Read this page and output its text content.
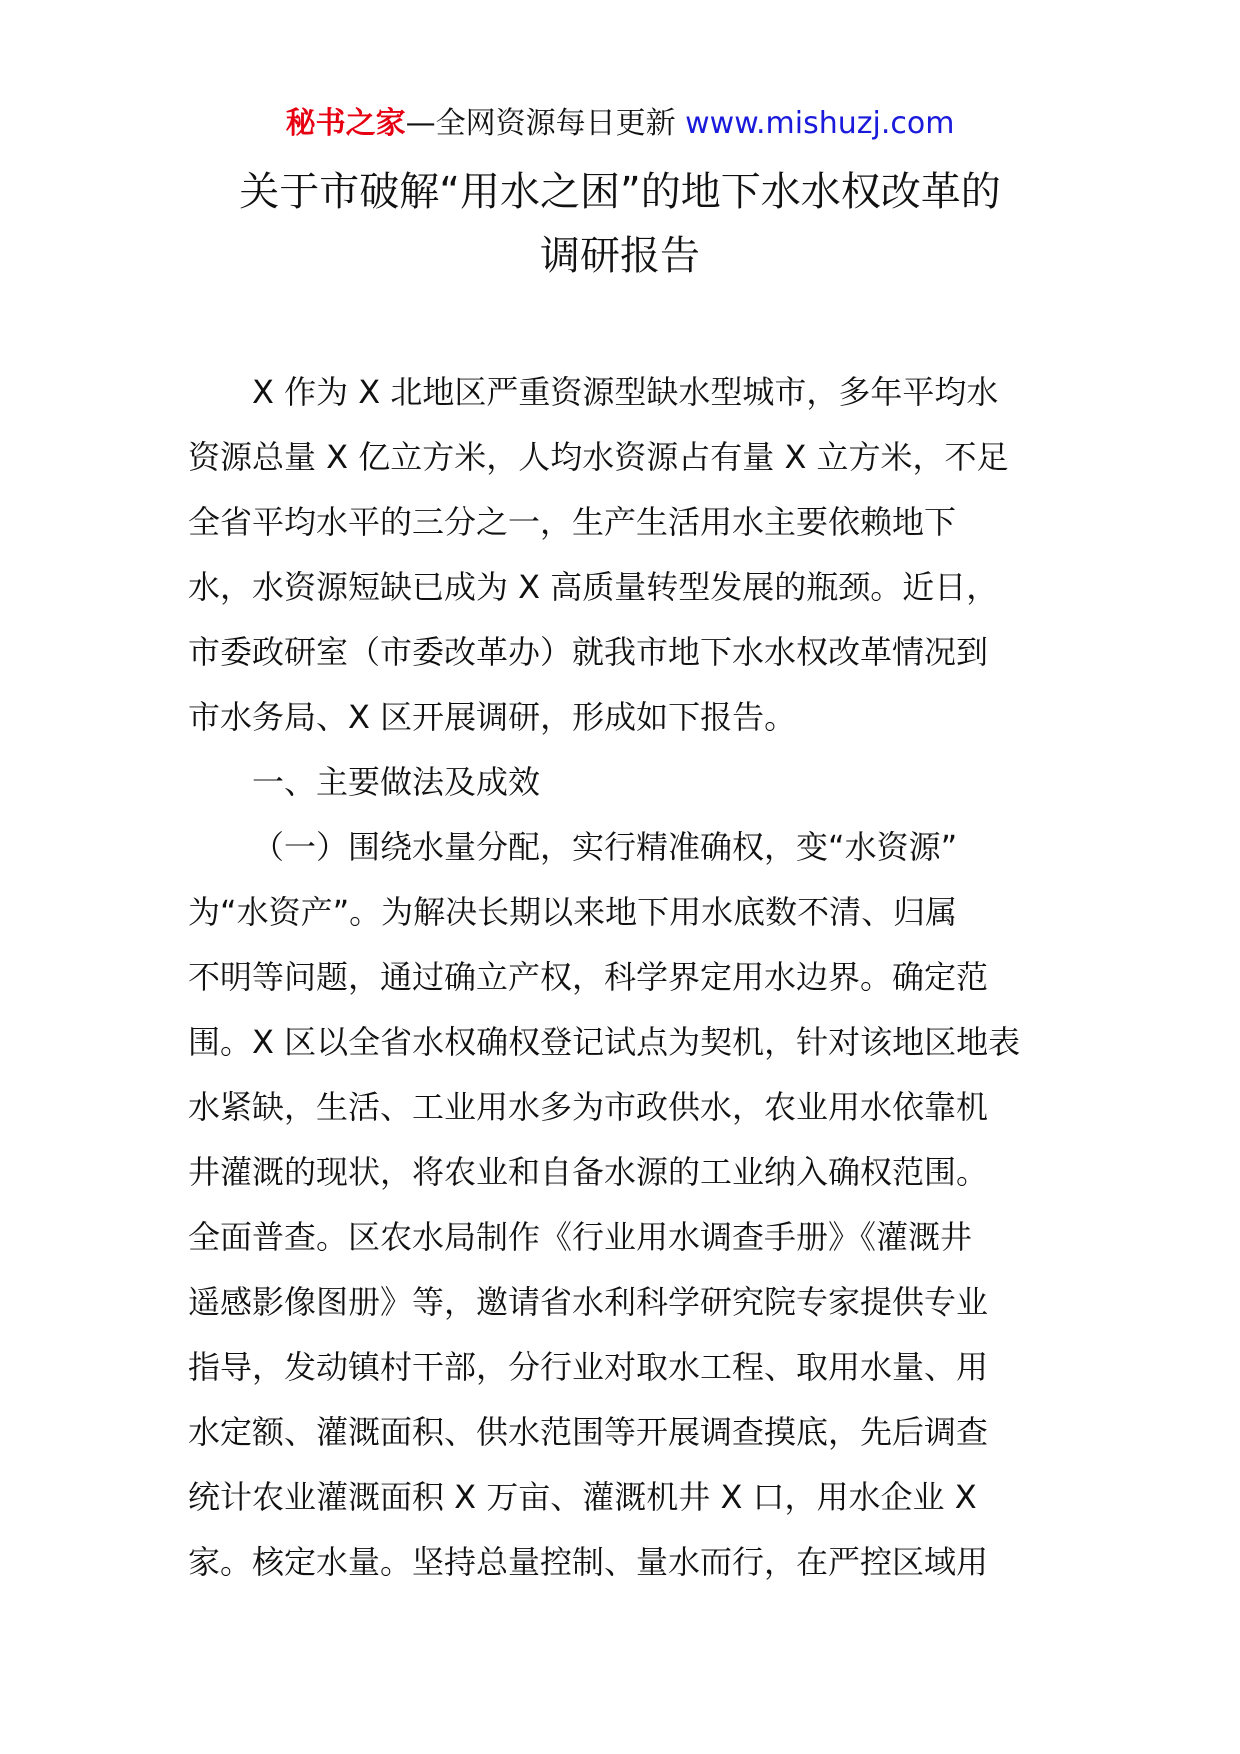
秘书之家—全网资源每日更新 www.mishuzj.com
关于市破解“用水之困”的地下水水权改革的
调研报告
X 作为 X 北地区严重资源型缺水型城市，多年平均水
资源总量 X 亿立方米，人均水资源占有量 X 立方米，不足
全省平均水平的三分之一，生产生活用水主要依赖地下
水，水资源短缺已成为 X 高质量转型发展的瓶颈。近日，
市委政研室（市委改革办）就我市地下水水权改革情况到
市水务局、X 区开展调研，形成如下报告。
一、主要做法及成效
（一）围绕水量分配，实行精准确权，变“水资源”
为“水资产”。为解决长期以来地下用水底数不清、归属
不明等问题，通过确立产权，科学界定用水边界。确定范
围。X 区以全省水权确权登记试点为契机，针对该地区地表
水紧缺，生活、工业用水多为市政供水，农业用水依靠机
井灌溉的现状，将农业和自备水源的工业纳入确权范围。
全面普查。区农水局制作《行业用水调查手册》《灌溉井
遥感影像图册》等，邀请省水利科学研究院专家提供专业
指导，发动镇村干部，分行业对取水工程、取用水量、用
水定额、灌溉面积、供水范围等开展调查摸底，先后调查
统计农业灌溉面积 X 万亩、灌溉机井 X 口，用水企业 X
家。核定水量。坚持总量控制、量水而行，在严控区域用
